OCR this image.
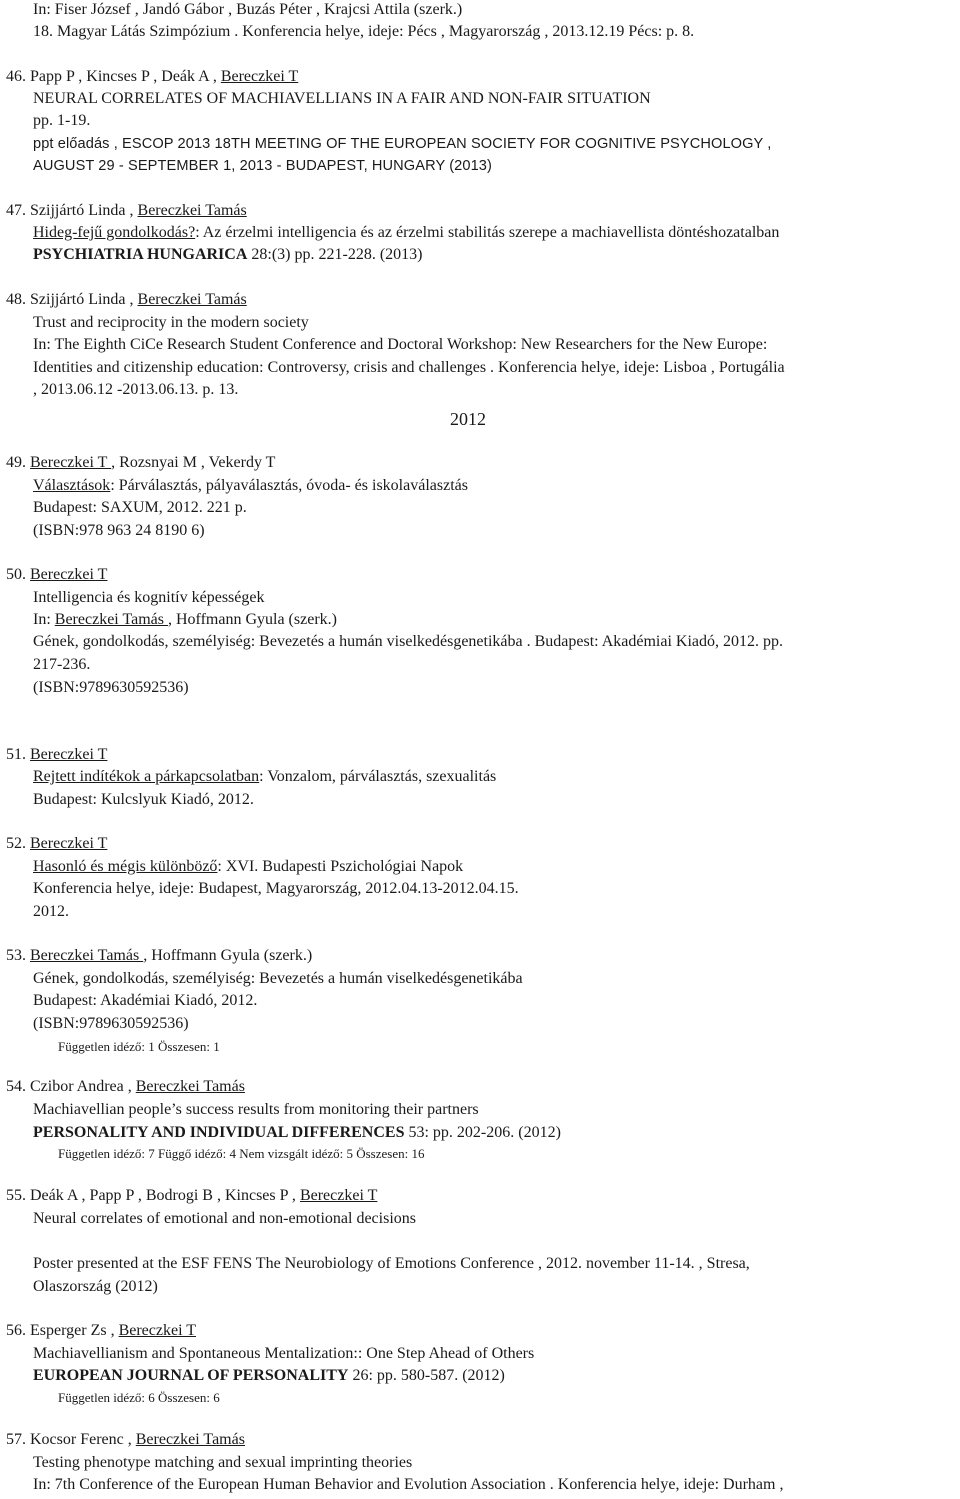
In: Fiser József , Jandó Gábor , Buzás Péter , Krajcsi Attila (szerk.)
18. Magyar Látás Szimpózium . Konferencia helye, ideje: Pécs , Magyarország , 2013.12.19 Pécs: p. 8.
46. Papp P , Kincses P , Deák A , Bereczkei T
NEURAL CORRELATES OF MACHIAVELLIANS IN A FAIR AND NON-FAIR SITUATION
pp. 1-19.
ppt előadás , ESCOP 2013 18TH MEETING OF THE EUROPEAN SOCIETY FOR COGNITIVE PSYCHOLOGY ,
AUGUST 29 - SEPTEMBER 1, 2013 - BUDAPEST, HUNGARY (2013)
47. Szijjártó Linda , Bereczkei Tamás
Hideg-fejű gondolkodás?: Az érzelmi intelligencia és az érzelmi stabilitás szerepe a machiavellista döntéshozatalban
PSYCHIATRIA HUNGARICA 28:(3) pp. 221-228. (2013)
48. Szijjártó Linda , Bereczkei Tamás
Trust and reciprocity in the modern society
In: The Eighth CiCe Research Student Conference and Doctoral Workshop: New Researchers for the New Europe:
Identities and citizenship education: Controversy, crisis and challenges . Konferencia helye, ideje: Lisboa , Portugália
, 2013.06.12 -2013.06.13. p. 13.
2012
49. Bereczkei T , Rozsnyai M , Vekerdy T
Választások: Párválasztás, pályaválasztás, óvoda- és iskolaválasztás
Budapest: SAXUM, 2012. 221 p.
(ISBN:978 963 24 8190 6)
50. Bereczkei T
Intelligencia és kognitív képességek
In: Bereczkei Tamás , Hoffmann Gyula (szerk.)
Gének, gondolkodás, személyiség: Bevezetés a humán viselkedésgenetikába . Budapest: Akadémiai Kiadó, 2012. pp.
217-236.
(ISBN:9789630592536)
51. Bereczkei T
Rejtett indítékok a párkapcsolatban: Vonzalom, párválasztás, szexualitás
Budapest: Kulcslyuk Kiadó, 2012.
52. Bereczkei T
Hasonló és mégis különböző: XVI. Budapesti Pszichológiai Napok
Konferencia helye, ideje: Budapest, Magyarország, 2012.04.13-2012.04.15.
2012.
53. Bereczkei Tamás , Hoffmann Gyula (szerk.)
Gének, gondolkodás, személyiség: Bevezetés a humán viselkedésgenetikába
Budapest: Akadémiai Kiadó, 2012.
(ISBN:9789630592536)
Független idéző: 1 Összesen: 1
54. Czibor Andrea , Bereczkei Tamás
Machiavellian people’s success results from monitoring their partners
PERSONALITY AND INDIVIDUAL DIFFERENCES 53: pp. 202-206. (2012)
Független idéző: 7 Függő idéző: 4 Nem vizsgált idéző: 5 Összesen: 16
55. Deák A , Papp P , Bodrogi B , Kincses P , Bereczkei T
Neural correlates of emotional and non-emotional decisions
Poster presented at the ESF FENS The Neurobiology of Emotions Conference , 2012. november 11-14. , Stresa,
Olaszország (2012)
56. Esperger Zs , Bereczkei T
Machiavellianism and Spontaneous Mentalization:: One Step Ahead of Others
EUROPEAN JOURNAL OF PERSONALITY 26: pp. 580-587. (2012)
Független idéző: 6 Összesen: 6
57. Kocsor Ferenc , Bereczkei Tamás
Testing phenotype matching and sexual imprinting theories
In: 7th Conference of the European Human Behavior and Evolution Association . Konferencia helye, ideje: Durham ,
